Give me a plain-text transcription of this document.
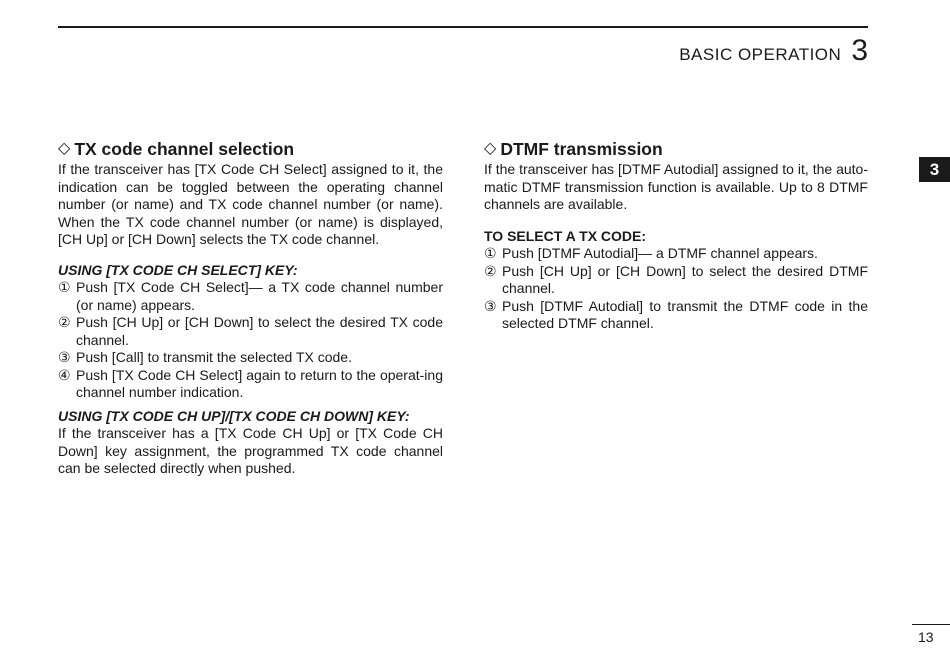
BASIC OPERATION 3
3
◇ TX code channel selection

If the transceiver has [TX Code CH Select] assigned to it, the indication can be toggled between the operating channel number (or name) and TX code channel number (or name). When the TX code channel number (or name) is displayed, [CH Up] or [CH Down] selects the TX code channel.

USING [TX CODE CH SELECT] KEY:

① Push [TX Code CH Select]— a TX code channel number (or name) appears.
② Push [CH Up] or [CH Down] to select the desired TX code channel.
③ Push [Call] to transmit the selected TX code.
④ Push [TX Code CH Select] again to return to the operat-ing channel number indication.

USING [TX CODE CH UP]/[TX CODE CH DOWN] KEY:

If the transceiver has a [TX Code CH Up] or [TX Code CH Down] key assignment, the programmed TX code channel can be selected directly when pushed.

◇ DTMF transmission

If the transceiver has [DTMF Autodial] assigned to it, the auto-matic DTMF transmission function is available. Up to 8 DTMF channels are available.

TO SELECT A TX CODE:

① Push [DTMF Autodial]— a DTMF channel appears.
② Push [CH Up] or [CH Down] to select the desired DTMF channel.
③ Push [DTMF Autodial] to transmit the DTMF code in the selected DTMF channel.
13
